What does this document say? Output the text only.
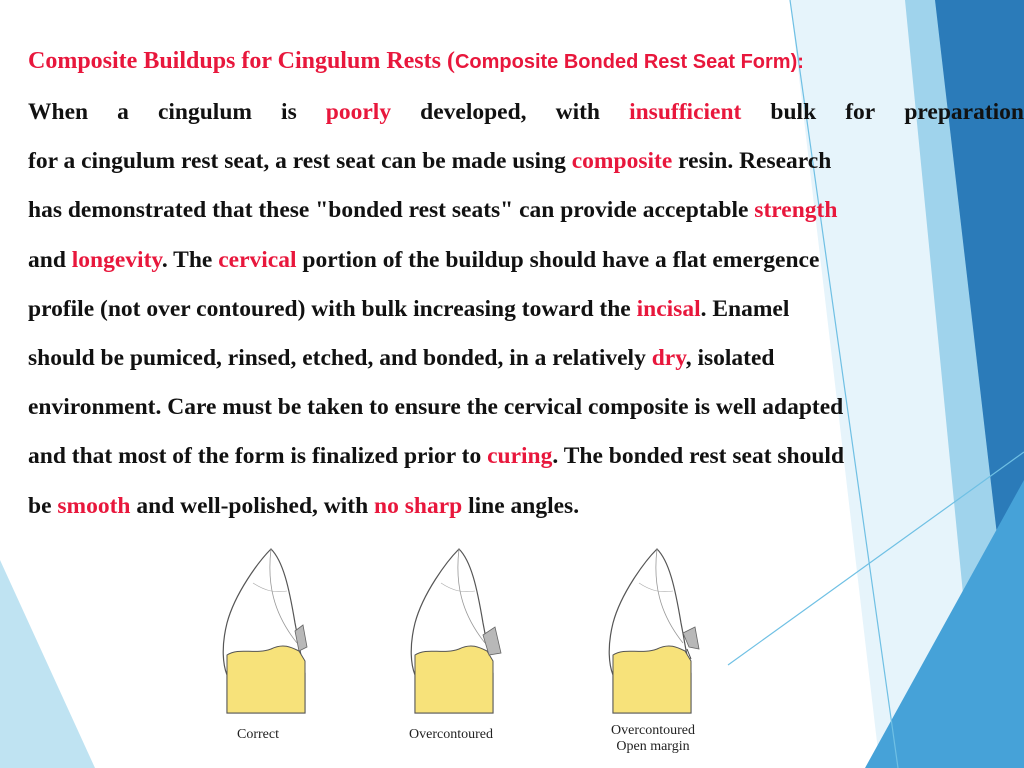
Composite Buildups for Cingulum Rests (Composite Bonded Rest Seat Form):
When a cingulum is poorly developed, with insufficient bulk for preparation
for a cingulum rest seat, a rest seat can be made using composite resin. Research
has demonstrated that these "bonded rest seats" can provide acceptable strength
and longevity. The cervical portion of the buildup should have a flat emergence
profile (not over contoured) with bulk increasing toward the incisal. Enamel
should be pumiced, rinsed, etched, and bonded, in a relatively dry, isolated
environment. Care must be taken to ensure the cervical composite is well adapted
and that most of the form is finalized prior to curing. The bonded rest seat should
be smooth and well-polished, with no sharp line angles.
Correct	Overcontoured	Overcontoured
Open margin
